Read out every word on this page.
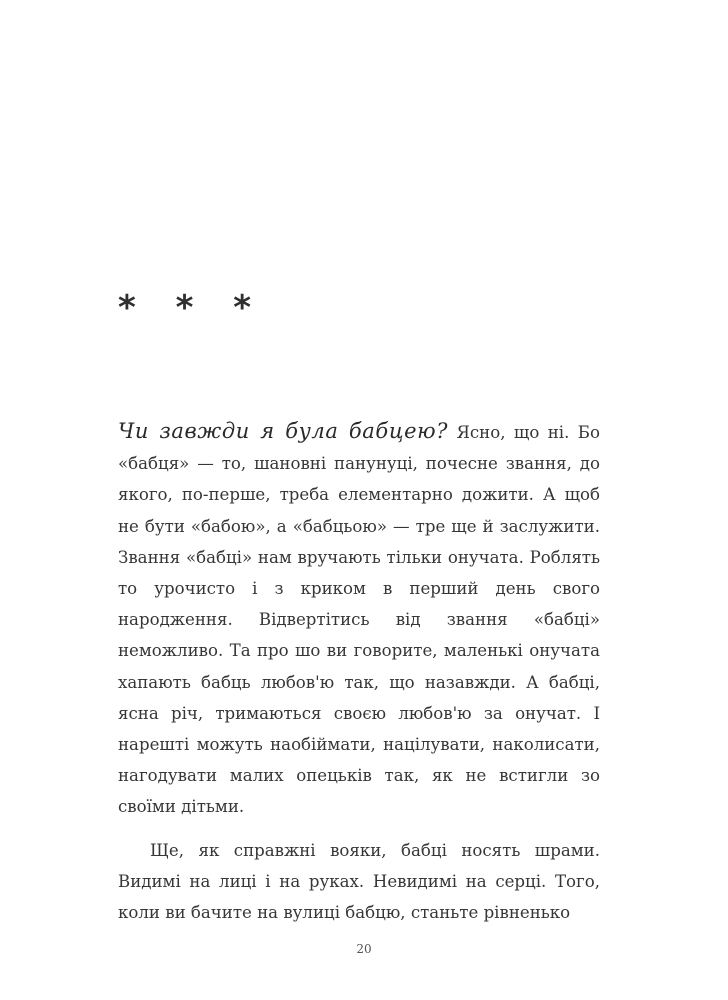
* * *

Чи завжди я була бабцею? Ясно, що ні. Бо «бабця» — то, шановні панунуці, почесне звання, до якого, по-перше, треба елементарно дожити. А щоб не бути «бабою», а «бабцьою» — тре ще й заслужити. Звання «бабці» нам вручають тільки онучата. Роблять то урочисто і з криком в перший день свого народження. Відвертітись від звання «бабці» неможливо. Та про шо ви говорите, маленькі онучата хапають бабць любов'ю так, що назавжди. А бабці, ясна річ, тримаються своєю любов'ю за онучат. І нарешті можуть наобіймати, націлувати, наколисати, нагодувати малих опецьків так, як не встигли зо своїми дітьми.

Ще, як справжні вояки, бабці носять шрами. Видимі на лиці і на руках. Невидимі на серці. Того, коли ви бачите на вулиці бабцю, станьте рівненько

20
